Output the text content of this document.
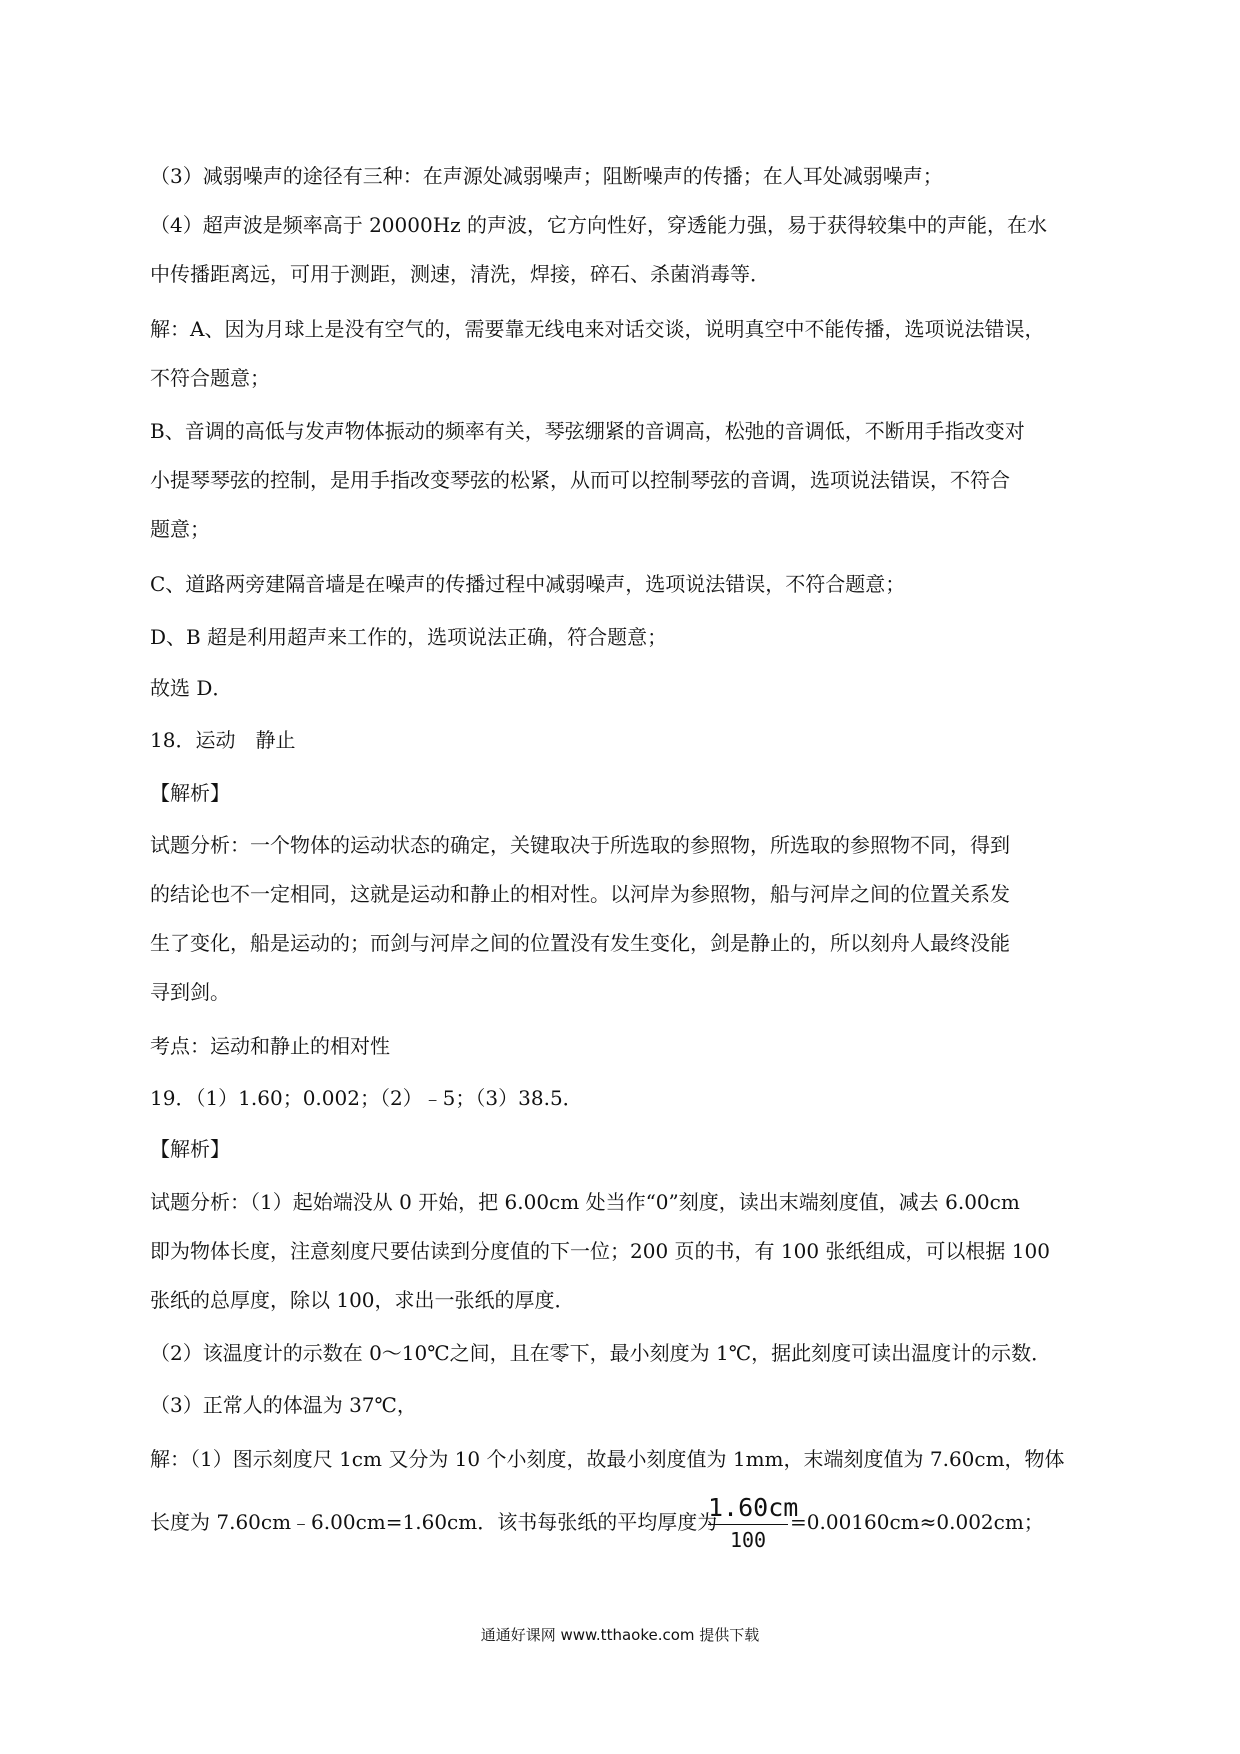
（3）减弱噪声的途径有三种：在声源处减弱噪声；阻断噪声的传播；在人耳处减弱噪声；
（4）超声波是频率高于 20000Hz 的声波，它方向性好，穿透能力强，易于获得较集中的声能，在水
中传播距离远，可用于测距，测速，清洗，焊接，碎石、杀菌消毒等．
解：A、因为月球上是没有空气的，需要靠无线电来对话交谈，说明真空中不能传播，选项说法错误，
不符合题意；
B、音调的高低与发声物体振动的频率有关，琴弦绷紧的音调高，松弛的音调低，不断用手指改变对
小提琴琴弦的控制，是用手指改变琴弦的松紧，从而可以控制琴弦的音调，选项说法错误，不符合
题意；
C、道路两旁建隔音墙是在噪声的传播过程中减弱噪声，选项说法错误，不符合题意；
D、B 超是利用超声来工作的，选项说法正确，符合题意；
故选 D．
18．运动　静止
【解析】
试题分析：一个物体的运动状态的确定，关键取决于所选取的参照物，所选取的参照物不同，得到
的结论也不一定相同，这就是运动和静止的相对性。以河岸为参照物，船与河岸之间的位置关系发
生了变化，船是运动的；而剑与河岸之间的位置没有发生变化，剑是静止的，所以刻舟人最终没能
寻到剑。
考点：运动和静止的相对性
19．（1）1.60；0.002；（2）﹣5；（3）38.5．
【解析】
试题分析：（1）起始端没从 0 开始，把 6.00cm 处当作“0”刻度，读出末端刻度值，减去 6.00cm
即为物体长度，注意刻度尺要估读到分度值的下一位；200 页的书，有 100 张纸组成，可以根据 100
张纸的总厚度，除以 100，求出一张纸的厚度．
（2）该温度计的示数在 0～10℃之间，且在零下，最小刻度为 1℃，据此刻度可读出温度计的示数．
（3）正常人的体温为 37℃，
解：（1）图示刻度尺 1cm 又分为 10 个小刻度，故最小刻度值为 1mm，末端刻度值为 7.60cm，物体
长度为 7.60cm﹣6.00cm=1.60cm．该书每张纸的平均厚度为
1.60cm
100
=0.00160cm≈0.002cm；
通通好课网 www.tthaoke.com 提供下载
